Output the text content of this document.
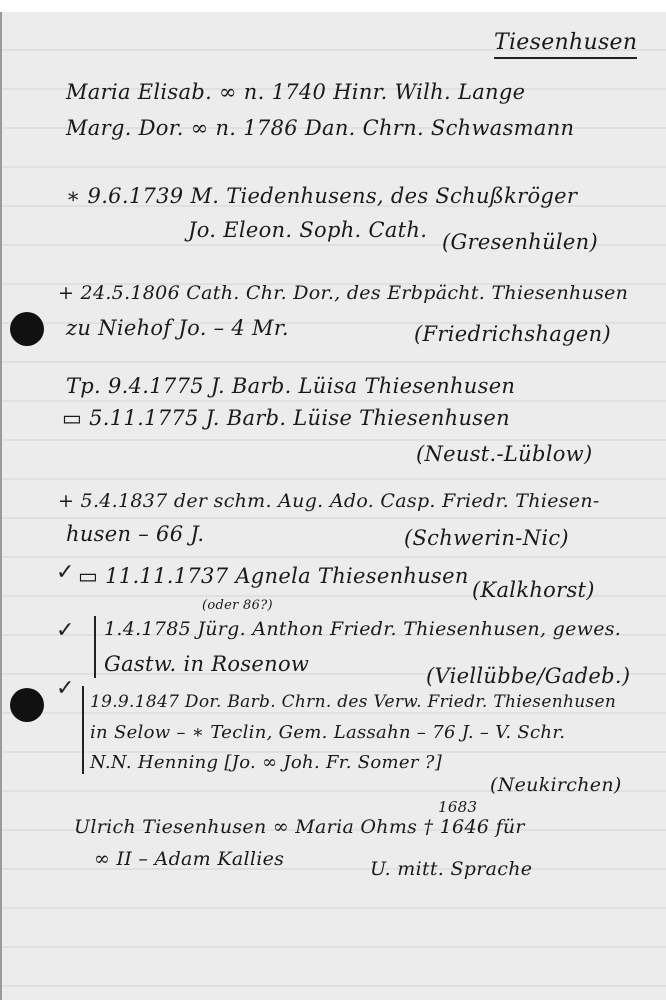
Tiesenhusen
Maria Elisab. ∞ n. 1740 Hinr. Wilh. Lange
Marg. Dor. ∞ n. 1786 Dan. Chrn. Schwasmann
∗ 9.6.1739 M. Tiedenhusens, des Schußkröger
Jo. Eleon. Soph. Cath. (Gresenhülen)
+ 24.5.1806 Cath. Chr. Dor., des Erbpächt. Thiesenhusen
zu Niehof Jo. – 4 Mr.	(Friedrichshagen)
Tp. 9.4.1775 J. Barb. Lüisa Thiesenhusen
▭ 5.11.1775 J. Barb. Lüise Thiesenhusen
(Neust.-Lüblow)
+ 5.4.1837 der schm. Aug. Ado. Casp. Friedr. Thiesen-
husen – 66 J.	(Schwerin-Nic)
✓ ▭ 11.11.1737 Agnela Thiesenhusen
(Kalkhorst)
✓
(oder 86?)
1.4.1785 Jürg. Anthon Friedr. Thiesenhusen, gewes.
Gastw. in Rosenow	(Viellübbe/Gadeb.)
✓
19.9.1847 Dor. Barb. Chrn. des Verw. Friedr. Thiesenhusen
in Selow – ∗ Teclin, Gem. Lassahn – 76 J. – V. Schr.
N.N. Henning [Jo. ∞ Joh. Fr. Somer ?]
(Neukirchen)
1683
Ulrich Tiesenhusen ∞ Maria Ohms † 1646 für
∞ II – Adam Kallies	U. mitt. Sprache
